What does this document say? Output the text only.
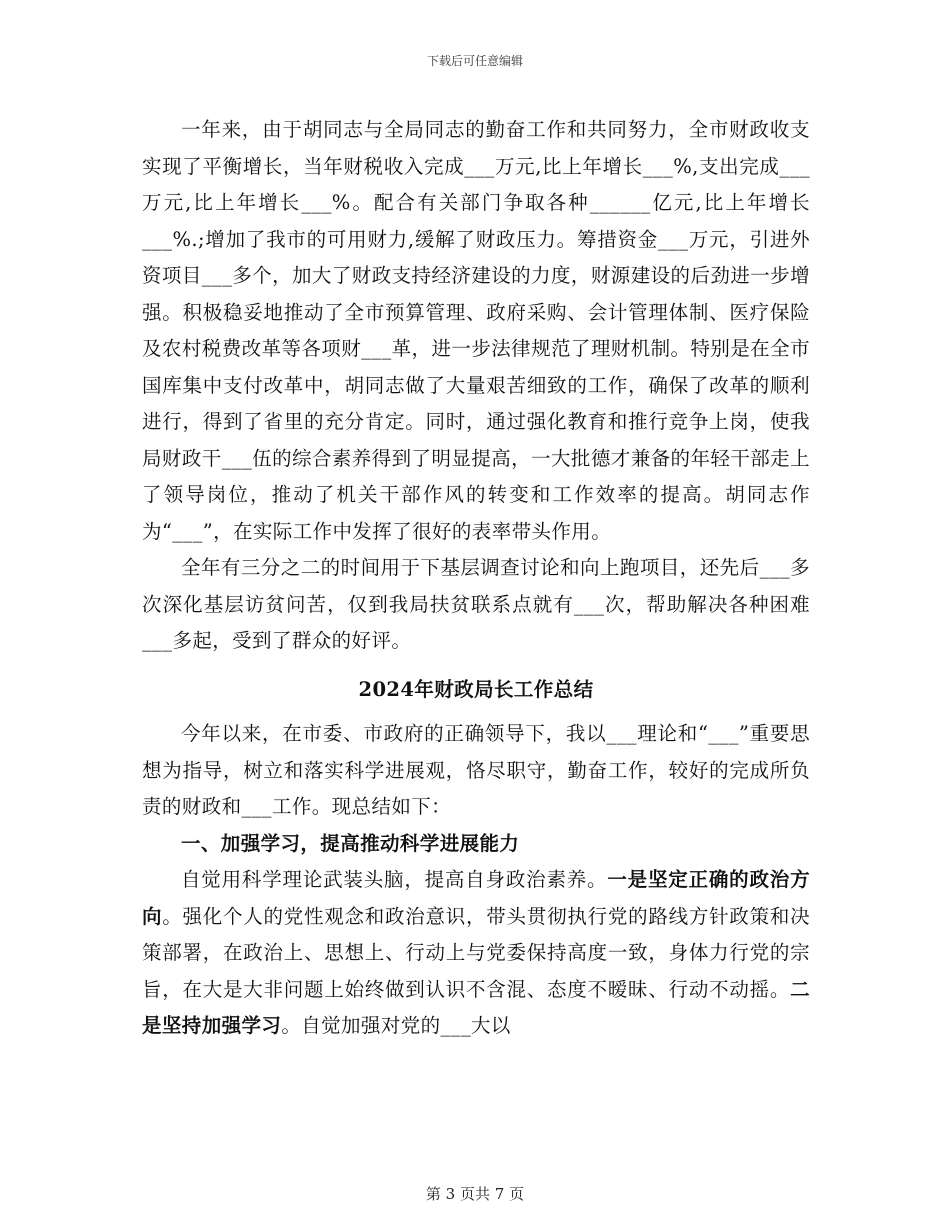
下载后可任意编辑

一年来，由于胡同志与全局同志的勤奋工作和共同努力，全市财政收支实现了平衡增长，当年财税收入完成___万元,比上年增长___%,支出完成___万元,比上年增长___%。配合有关部门争取各种______亿元,比上年增长___%.;增加了我市的可用财力,缓解了财政压力。筹措资金___万元，引进外资项目___多个，加大了财政支持经济建设的力度，财源建设的后劲进一步增强。积极稳妥地推动了全市预算管理、政府采购、会计管理体制、医疗保险及农村税费改革等各项财___革，进一步法律规范了理财机制。特别是在全市国库集中支付改革中，胡同志做了大量艰苦细致的工作，确保了改革的顺利进行，得到了省里的充分肯定。同时，通过强化教育和推行竞争上岗，使我局财政干___伍的综合素养得到了明显提高，一大批德才兼备的年轻干部走上了领导岗位，推动了机关干部作风的转变和工作效率的提高。胡同志作为“___”，在实际工作中发挥了很好的表率带头作用。

全年有三分之二的时间用于下基层调查讨论和向上跑项目，还先后___多次深化基层访贫问苦，仅到我局扶贫联系点就有___次，帮助解决各种困难___多起，受到了群众的好评。

2024年财政局长工作总结

今年以来，在市委、市政府的正确领导下，我以___理论和“___”重要思想为指导，树立和落实科学进展观，恪尽职守，勤奋工作，较好的完成所负责的财政和___工作。现总结如下：

一、加强学习，提高推动科学进展能力

自觉用科学理论武装头脑，提高自身政治素养。一是坚定正确的政治方向。强化个人的党性观念和政治意识，带头贯彻执行党的路线方针政策和决策部署，在政治上、思想上、行动上与党委保持高度一致，身体力行党的宗旨，在大是大非问题上始终做到认识不含混、态度不暧昧、行动不动摇。二是坚持加强学习。自觉加强对党的___大以

第 3 页共 7 页
